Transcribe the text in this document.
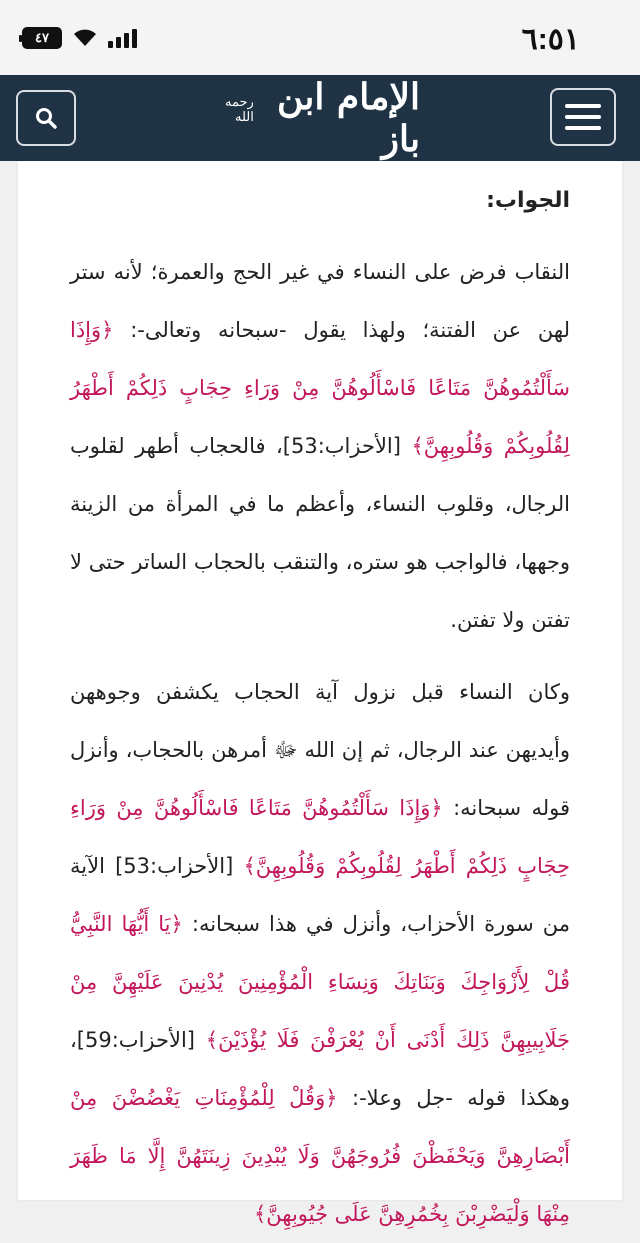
٤٧	٦:٥١
الإمام ابن باز
رحمه الله
الجواب:

النقاب فرض على النساء في غير الحج والعمرة؛ لأنه ستر لهن عن الفتنة؛ ولهذا يقول -سبحانه وتعالى-: ﴿وَإِذَا سَأَلْتُمُوهُنَّ مَتَاعًا فَاسْأَلُوهُنَّ مِنْ وَرَاءِ حِجَابٍ ذَلِكُمْ أَطْهَرُ لِقُلُوبِكُمْ وَقُلُوبِهِنَّ﴾ [الأحزاب:53]، فالحجاب أطهر لقلوب الرجال، وقلوب النساء، وأعظم ما في المرأة من الزينة وجهها، فالواجب هو ستره، والتنقب بالحجاب الساتر حتى لا تفتن ولا تفتن.

وكان النساء قبل نزول آية الحجاب يكشفن وجوههن وأيديهن عند الرجال، ثم إن الله ﷻ أمرهن بالحجاب، وأنزل قوله سبحانه: ﴿وَإِذَا سَأَلْتُمُوهُنَّ مَتَاعًا فَاسْأَلُوهُنَّ مِنْ وَرَاءِ حِجَابٍ ذَلِكُمْ أَطْهَرُ لِقُلُوبِكُمْ وَقُلُوبِهِنَّ﴾ [الأحزاب:53] الآية من سورة الأحزاب، وأنزل في هذا سبحانه: ﴿يَا أَيُّهَا النَّبِيُّ قُلْ لِأَزْوَاجِكَ وَبَنَاتِكَ وَنِسَاءِ الْمُؤْمِنِينَ يُدْنِينَ عَلَيْهِنَّ مِنْ جَلَابِيبِهِنَّ ذَلِكَ أَدْنَى أَنْ يُعْرَفْنَ فَلَا يُؤْذَيْنَ﴾ [الأحزاب:59]، وهكذا قوله -جل وعلا-: ﴿وَقُلْ لِلْمُؤْمِنَاتِ يَغْضُضْنَ مِنْ أَبْصَارِهِنَّ وَيَحْفَظْنَ فُرُوجَهُنَّ وَلَا يُبْدِينَ زِينَتَهُنَّ إِلَّا مَا ظَهَرَ مِنْهَا وَلْيَضْرِبْنَ بِخُمُرِهِنَّ عَلَى جُيُوبِهِنَّ﴾
